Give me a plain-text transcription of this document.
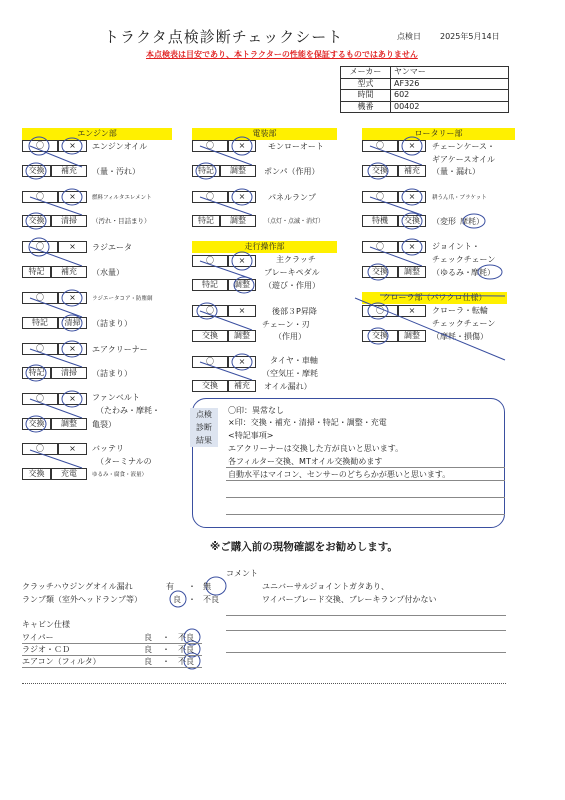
トラクタ点検診断チェックシート	点検日 2025年5月14日
本点検表は目安であり、本トラクターの性能を保証するものではありません
メーカー	ヤンマー
型式	AF326
時間	602
機番	00402
エンジン部	電装部	ロータリー部
走行操作部
クローラ部（パワクロ仕様）
〇	×	エンジンオイル
交換	補充	（量・汚れ）
〇	×	燃料フィルタエレメント
交換	清掃	（汚れ・目詰まり）
〇	×	ラジエータ
特記	補充	（水量）
〇	×	ラジエータコア・防塵網
特記	清掃	（詰まり）
〇	×	エアクリーナー
特記	清掃	（詰まり）
〇	×	ファンベルト
（たわみ・摩耗・
交換	調整	亀裂）
〇	×	バッテリ
（ターミナルの
交換	充電	ゆるみ・腐食・液量）
〇	×	モンローオート
特記	調整	ポンパ（作用）
〇	×	パネルランプ
特記	調整	（点灯・点滅・消灯）
〇	×	主クラッチ
ブレーキペダル
特記	調整	（遊び・作用）
〇	×	後部３P昇降
チェーン・刃
交換	調整	（作用）
〇	×	タイヤ・車軸
（空気圧・摩耗
交換	補充	オイル漏れ）
〇	×	チェーンケース・
ギアケースオイル
交換	補充	（量・漏れ）
〇	×	耕うん爪・ブラケット
特機	交換	（変形 摩耗）
〇	×	ジョイント・
チェックチェーン
交換	調整	（ゆるみ・ 摩耗）
〇	×	クローラ・転輪
チェックチェーン
交換	調整	（摩耗・損傷）
点検
診断
結果
〇印：異常なし
×印：交換・補充・清掃・特記・調整・充電
<特記事項>
エアクリーナーは交換した方が良いと思います。
各フィルター交換、MTオイル交換勧めます
自動水平はマイコン、センサーのどちらかが悪いと思います。
※ご購入前の現物確認をお勧めします。
コメント
クラッチハウジングオイル漏れ	有 ・ 無	ユニバーサルジョイントガタあり、
ランプ類（室外ヘッドランプ等）	良 ・ 不良	ワイパーブレード交換、ブレーキランプ付かない
キャビン仕様
ワイパー	良 ・ 不良
ラジオ・ＣＤ	良 ・ 不良
エアコン（フィルタ）	良 ・ 不良
